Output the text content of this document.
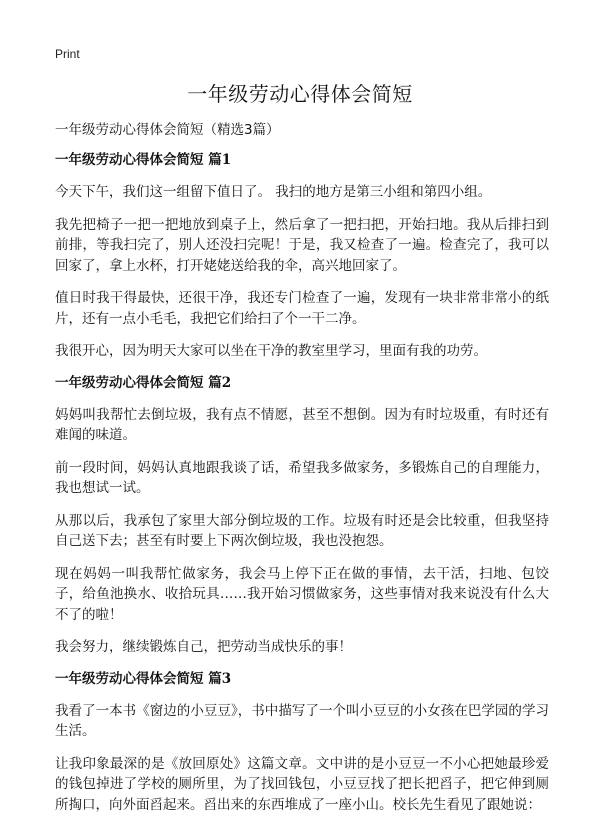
Print
一年级劳动心得体会简短

一年级劳动心得体会简短（精选3篇）

一年级劳动心得体会简短 篇1

今天下午，我们这一组留下值日了。 我扫的地方是第三小组和第四小组。

我先把椅子一把一把地放到桌子上，然后拿了一把扫把，开始扫地。我从后排扫到前排，等我扫完了，别人还没扫完呢！于是，我又检查了一遍。检查完了，我可以回家了，拿上水杯，打开姥姥送给我的伞，高兴地回家了。

值日时我干得最快，还很干净，我还专门检查了一遍，发现有一块非常非常小的纸片，还有一点小毛毛，我把它们给扫了个一干二净。

我很开心，因为明天大家可以坐在干净的教室里学习，里面有我的功劳。

一年级劳动心得体会简短 篇2

妈妈叫我帮忙去倒垃圾，我有点不情愿，甚至不想倒。因为有时垃圾重，有时还有难闻的味道。

前一段时间，妈妈认真地跟我谈了话，希望我多做家务，多锻炼自己的自理能力，我也想试一试。

从那以后，我承包了家里大部分倒垃圾的工作。垃圾有时还是会比较重，但我坚持自己送下去；甚至有时要上下两次倒垃圾，我也没抱怨。

现在妈妈一叫我帮忙做家务，我会马上停下正在做的事情，去干活，扫地、包饺子，给鱼池换水、收拾玩具……我开始习惯做家务，这些事情对我来说没有什么大不了的啦！

我会努力，继续锻炼自己，把劳动当成快乐的事！

一年级劳动心得体会简短 篇3

我看了一本书《窗边的小豆豆》，书中描写了一个叫小豆豆的小女孩在巴学园的学习生活。

让我印象最深的是《放回原处》这篇文章。文中讲的是小豆豆一不小心把她最珍爱的钱包掉进了学校的厕所里，为了找回钱包，小豆豆找了把长把舀子，把它伸到厕所掏口，向外面舀起来。舀出来的东西堆成了一座小山。校长先生看见了跟她说：
